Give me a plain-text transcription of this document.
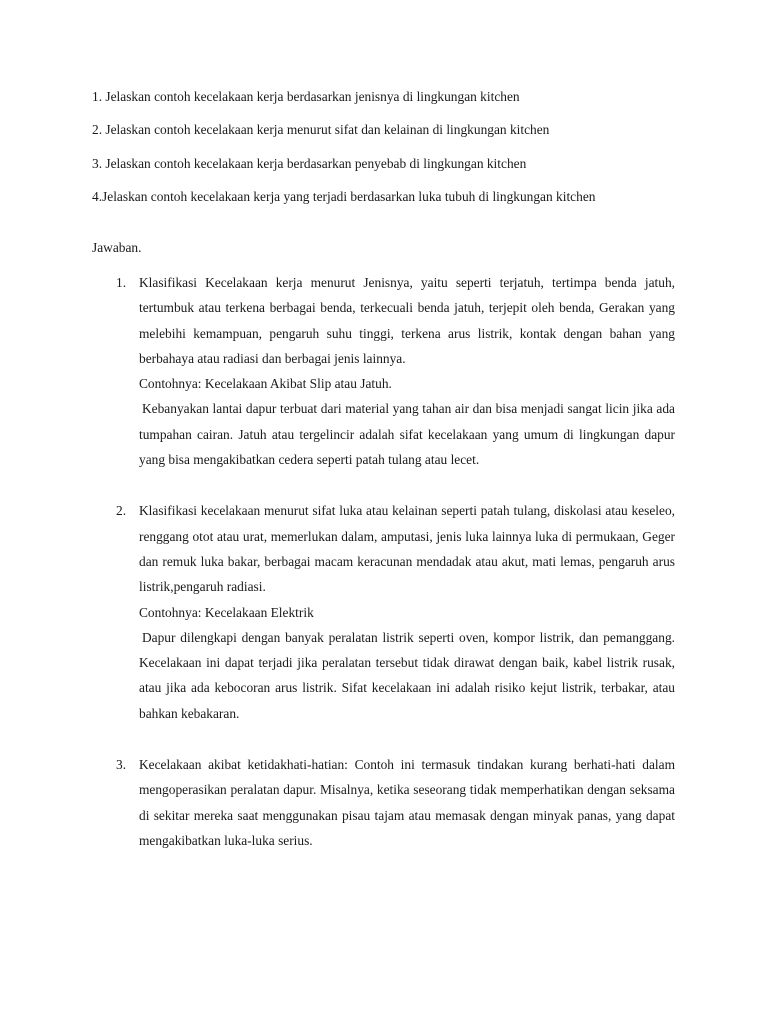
1. Jelaskan contoh kecelakaan kerja berdasarkan jenisnya di lingkungan kitchen

2. Jelaskan contoh kecelakaan kerja menurut sifat dan kelainan di lingkungan kitchen

3. Jelaskan contoh kecelakaan kerja berdasarkan penyebab di lingkungan kitchen

4.Jelaskan contoh kecelakaan kerja yang terjadi berdasarkan luka tubuh di lingkungan kitchen

Jawaban.

1. Klasifikasi Kecelakaan kerja menurut Jenisnya, yaitu seperti terjatuh, tertimpa benda jatuh, tertumbuk atau terkena berbagai benda, terkecuali benda jatuh, terjepit oleh benda, Gerakan yang melebihi kemampuan, pengaruh suhu tinggi, terkena arus listrik, kontak dengan bahan yang berbahaya atau radiasi dan berbagai jenis lainnya.

Contohnya: Kecelakaan Akibat Slip atau Jatuh.

Kebanyakan lantai dapur terbuat dari material yang tahan air dan bisa menjadi sangat licin jika ada tumpahan cairan. Jatuh atau tergelincir adalah sifat kecelakaan yang umum di lingkungan dapur yang bisa mengakibatkan cedera seperti patah tulang atau lecet.

2. Klasifikasi kecelakaan menurut sifat luka atau kelainan seperti patah tulang, diskolasi atau keseleo, renggang otot atau urat, memerlukan dalam, amputasi, jenis luka lainnya luka di permukaan, Geger dan remuk luka bakar, berbagai macam keracunan mendadak atau akut, mati lemas, pengaruh arus listrik,pengaruh radiasi.

Contohnya: Kecelakaan Elektrik

Dapur dilengkapi dengan banyak peralatan listrik seperti oven, kompor listrik, dan pemanggang. Kecelakaan ini dapat terjadi jika peralatan tersebut tidak dirawat dengan baik, kabel listrik rusak, atau jika ada kebocoran arus listrik. Sifat kecelakaan ini adalah risiko kejut listrik, terbakar, atau bahkan kebakaran.

3. Kecelakaan akibat ketidakhati-hatian: Contoh ini termasuk tindakan kurang berhati-hati dalam mengoperasikan peralatan dapur. Misalnya, ketika seseorang tidak memperhatikan dengan seksama di sekitar mereka saat menggunakan pisau tajam atau memasak dengan minyak panas, yang dapat mengakibatkan luka-luka serius.
